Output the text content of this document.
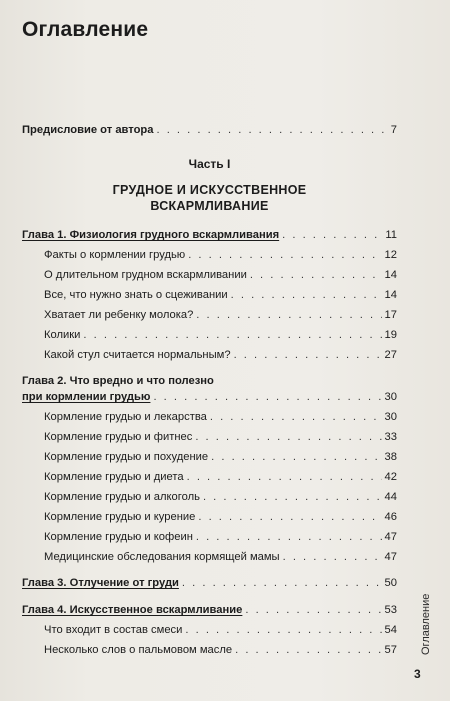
Оглавление
Предисловие от автора . . .	7
Часть I
ГРУДНОЕ И ИСКУССТВЕННОЕ
ВСКАРМЛИВАНИЕ
Глава 1. Физиология грудного вскармливания . . .	11
Факты о кормлении грудью . . .	12
О длительном грудном вскармливании . . .	14
Все, что нужно знать о сцеживании . . .	14
Хватает ли ребенку молока? . . .	17
Колики . . .	19
Какой стул считается нормальным? . . .	27
Глава 2. Что вредно и что полезно
при кормлении грудью . . .	30
Кормление грудью и лекарства . . .	30
Кормление грудью и фитнес . . .	33
Кормление грудью и похудение . . .	38
Кормление грудью и диета . . .	42
Кормление грудью и алкоголь . . .	44
Кормление грудью и курение . . .	46
Кормление грудью и кофеин . . .	47
Медицинские обследования кормящей мамы . . .	47
Глава 3. Отлучение от груди . . .	50
Глава 4. Искусственное вскармливание . . .	53
Что входит в состав смеси . . .	54
Несколько слов о пальмовом масле . . .	57 Оглавление
3
